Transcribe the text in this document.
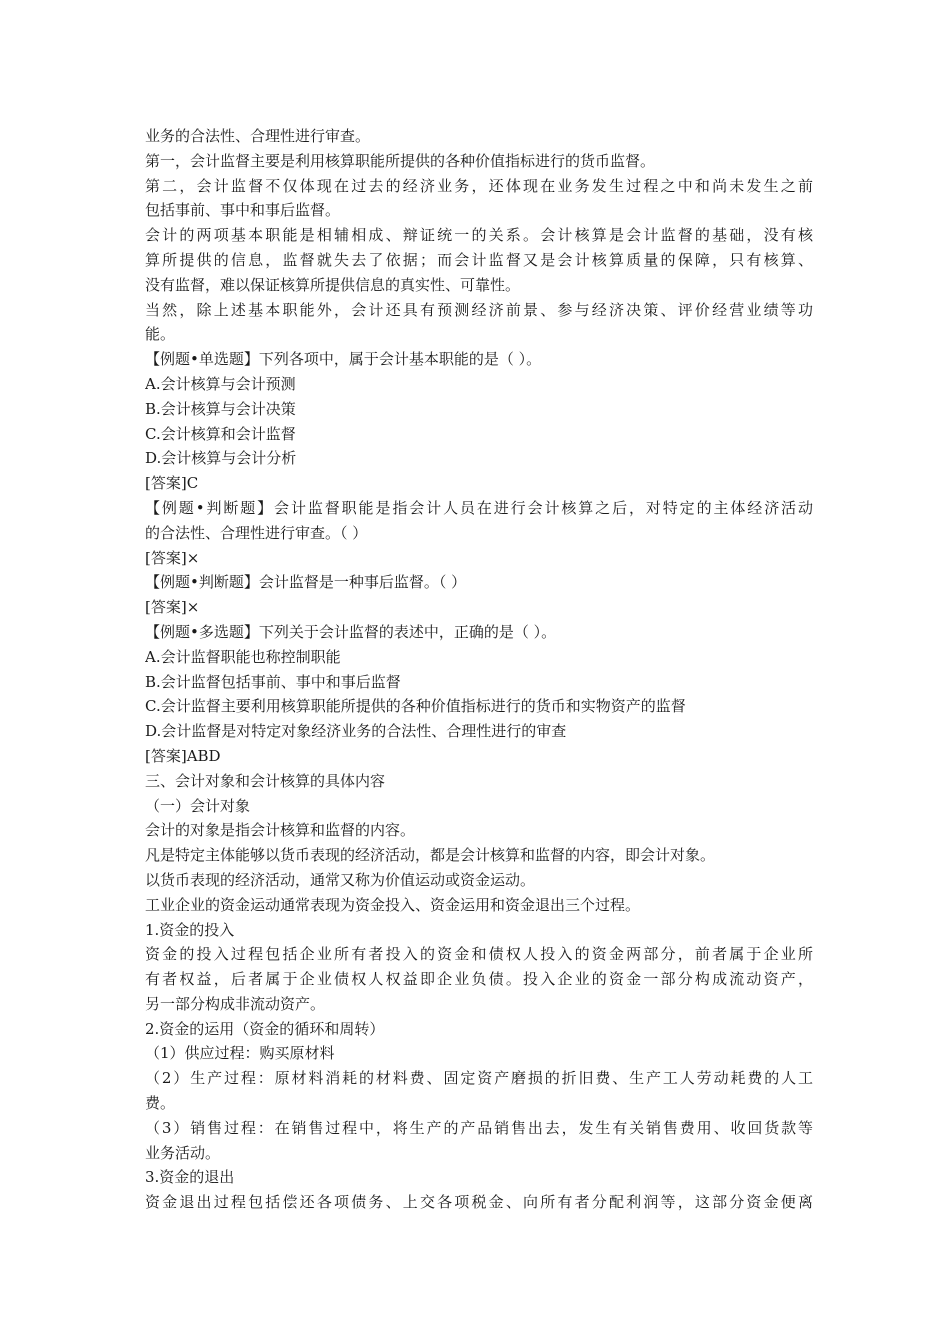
业务的合法性、合理性进行审查。
第一，会计监督主要是利用核算职能所提供的各种价值指标进行的货币监督。
第二，会计监督不仅体现在过去的经济业务，还体现在业务发生过程之中和尚未发生之前
包括事前、事中和事后监督。
会计的两项基本职能是相辅相成、辩证统一的关系。会计核算是会计监督的基础，没有核
算所提供的信息，监督就失去了依据；而会计监督又是会计核算质量的保障，只有核算、
没有监督，难以保证核算所提供信息的真实性、可靠性。
当然，除上述基本职能外，会计还具有预测经济前景、参与经济决策、评价经营业绩等功
能。
【例题•单选题】下列各项中，属于会计基本职能的是（ ）。
A.会计核算与会计预测
B.会计核算与会计决策
C.会计核算和会计监督
D.会计核算与会计分析
[答案]C
【例题•判断题】会计监督职能是指会计人员在进行会计核算之后，对特定的主体经济活动
的合法性、合理性进行审查。（ ）
[答案]×
【例题•判断题】会计监督是一种事后监督。（ ）
[答案]×
【例题•多选题】下列关于会计监督的表述中，正确的是（ ）。
A.会计监督职能也称控制职能
B.会计监督包括事前、事中和事后监督
C.会计监督主要利用核算职能所提供的各种价值指标进行的货币和实物资产的监督
D.会计监督是对特定对象经济业务的合法性、合理性进行的审查
[答案]ABD
三、会计对象和会计核算的具体内容
（一）会计对象
会计的对象是指会计核算和监督的内容。
凡是特定主体能够以货币表现的经济活动，都是会计核算和监督的内容，即会计对象。
以货币表现的经济活动，通常又称为价值运动或资金运动。
工业企业的资金运动通常表现为资金投入、资金运用和资金退出三个过程。
1.资金的投入
资金的投入过程包括企业所有者投入的资金和债权人投入的资金两部分，前者属于企业所
有者权益，后者属于企业债权人权益即企业负债。投入企业的资金一部分构成流动资产，
另一部分构成非流动资产。
2.资金的运用（资金的循环和周转）
（1）供应过程：购买原材料
（2）生产过程：原材料消耗的材料费、固定资产磨损的折旧费、生产工人劳动耗费的人工
费。
（3）销售过程：在销售过程中，将生产的产品销售出去，发生有关销售费用、收回货款等
业务活动。
3.资金的退出
资金退出过程包括偿还各项债务、上交各项税金、向所有者分配利润等，这部分资金便离
